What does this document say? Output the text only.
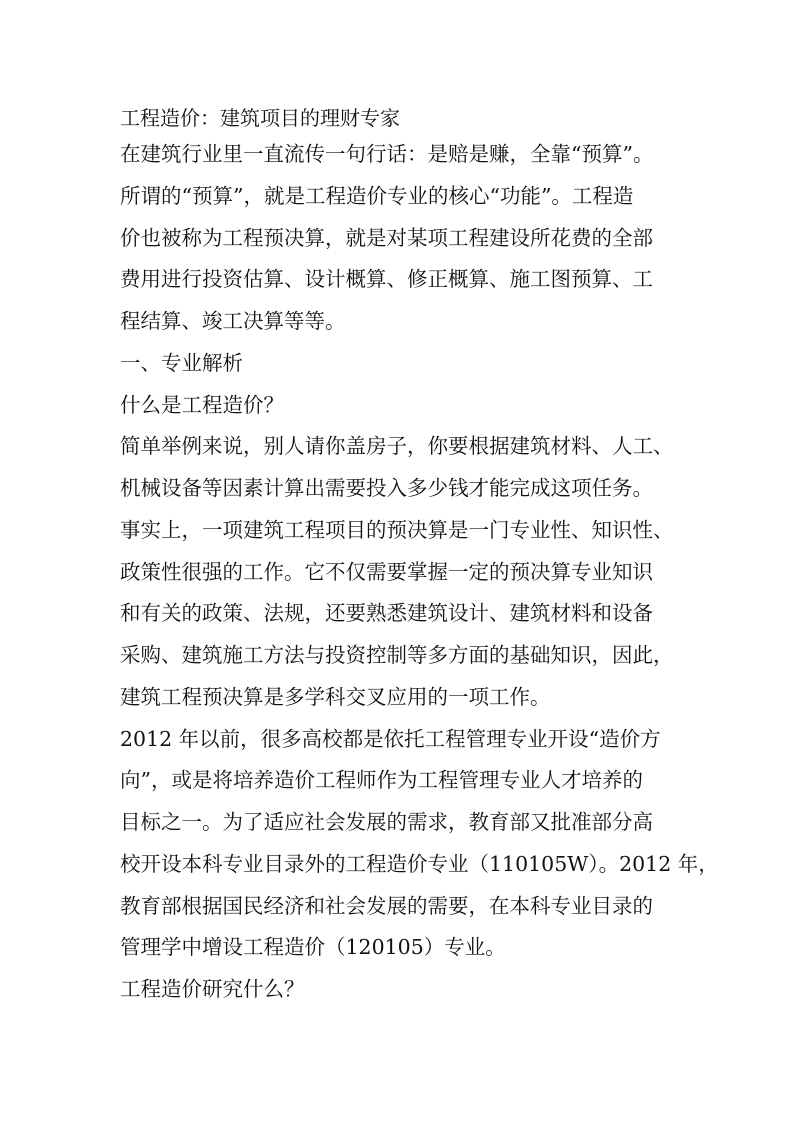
工程造价：建筑项目的理财专家
在建筑行业里一直流传一句行话：是赔是赚，全靠“预算”。
所谓的“预算”，就是工程造价专业的核心“功能”。工程造
价也被称为工程预决算，就是对某项工程建设所花费的全部
费用进行投资估算、设计概算、修正概算、施工图预算、工
程结算、竣工决算等等。
一、专业解析
什么是工程造价？
简单举例来说，别人请你盖房子，你要根据建筑材料、人工、
机械设备等因素计算出需要投入多少钱才能完成这项任务。
事实上，一项建筑工程项目的预决算是一门专业性、知识性、
政策性很强的工作。它不仅需要掌握一定的预决算专业知识
和有关的政策、法规，还要熟悉建筑设计、建筑材料和设备
采购、建筑施工方法与投资控制等多方面的基础知识，因此，
建筑工程预决算是多学科交叉应用的一项工作。
2012 年以前，很多高校都是依托工程管理专业开设“造价方
向”，或是将培养造价工程师作为工程管理专业人才培养的
目标之一。为了适应社会发展的需求，教育部又批准部分高
校开设本科专业目录外的工程造价专业（110105W）。2012 年，
教育部根据国民经济和社会发展的需要，在本科专业目录的
管理学中增设工程造价（120105）专业。
工程造价研究什么？
